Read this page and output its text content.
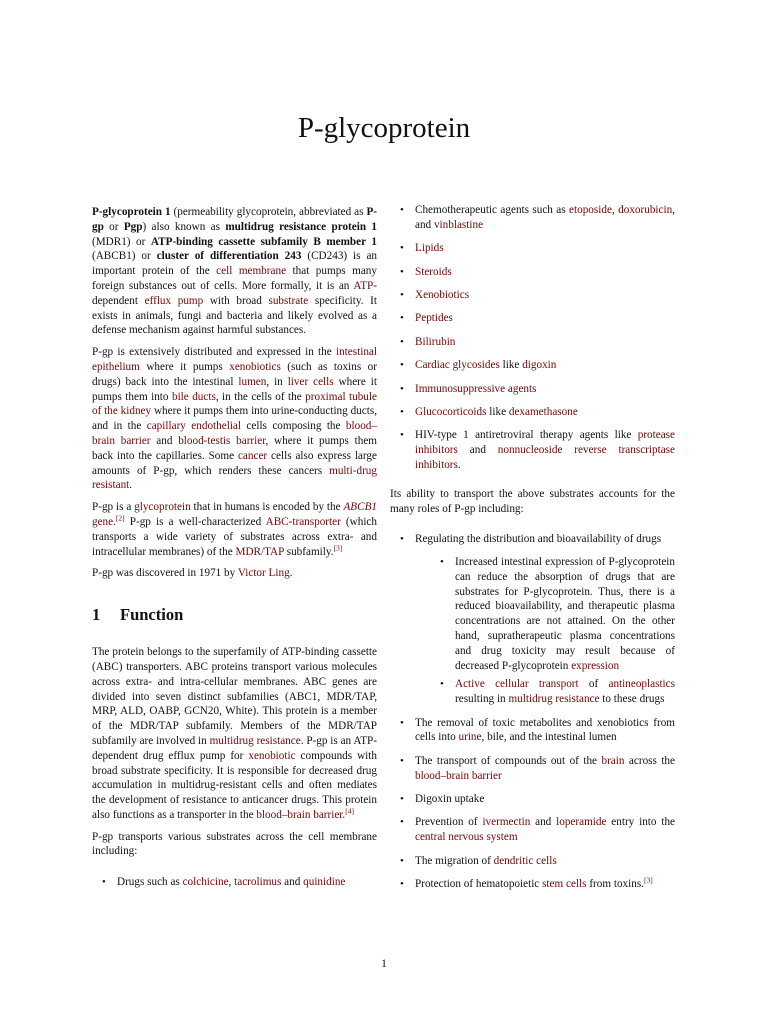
P-glycoprotein

P-glycoprotein 1 (permeability glycoprotein, abbreviated as P-gp or Pgp) also known as multidrug resistance protein 1 (MDR1) or ATP-binding cassette subfamily B member 1 (ABCB1) or cluster of differentiation 243 (CD243) is an important protein of the cell membrane that pumps many foreign substances out of cells. More formally, it is an ATP-dependent efflux pump with broad substrate specificity. It exists in animals, fungi and bacteria and likely evolved as a defense mechanism against harmful substances.

P-gp is extensively distributed and expressed in the intestinal epithelium where it pumps xenobiotics (such as toxins or drugs) back into the intestinal lumen, in liver cells where it pumps them into bile ducts, in the cells of the proximal tubule of the kidney where it pumps them into urine-conducting ducts, and in the capillary endothelial cells composing the blood–brain barrier and blood-testis barrier, where it pumps them back into the capillaries. Some cancer cells also express large amounts of P-gp, which renders these cancers multi-drug resistant.

P-gp is a glycoprotein that in humans is encoded by the ABCB1 gene.[2] P-gp is a well-characterized ABC-transporter (which transports a wide variety of substrates across extra- and intracellular membranes) of the MDR/TAP subfamily.[3]

P-gp was discovered in 1971 by Victor Ling.

1 Function

The protein belongs to the superfamily of ATP-binding cassette (ABC) transporters. ABC proteins transport various molecules across extra- and intra-cellular membranes. ABC genes are divided into seven distinct subfamilies (ABC1, MDR/TAP, MRP, ALD, OABP, GCN20, White). This protein is a member of the MDR/TAP subfamily. Members of the MDR/TAP subfamily are involved in multidrug resistance. P-gp is an ATP-dependent drug efflux pump for xenobiotic compounds with broad substrate specificity. It is responsible for decreased drug accumulation in multidrug-resistant cells and often mediates the development of resistance to anticancer drugs. This protein also functions as a transporter in the blood–brain barrier.[4]

P-gp transports various substrates across the cell membrane including:

• Drugs such as colchicine, tacrolimus and quinidine
• Chemotherapeutic agents such as etoposide, doxorubicin, and vinblastine
• Lipids
• Steroids
• Xenobiotics
• Peptides
• Bilirubin
• Cardiac glycosides like digoxin
• Immunosuppressive agents
• Glucocorticoids like dexamethasone
• HIV-type 1 antiretroviral therapy agents like protease inhibitors and nonnucleoside reverse transcriptase inhibitors.

Its ability to transport the above substrates accounts for the many roles of P-gp including:

• Regulating the distribution and bioavailability of drugs
• Increased intestinal expression of P-glycoprotein can reduce the absorption of drugs that are substrates for P-glycoprotein. Thus, there is a reduced bioavailability, and therapeutic plasma concentrations are not attained. On the other hand, supratherapeutic plasma concentrations and drug toxicity may result because of decreased P-glycoprotein expression
• Active cellular transport of antineoplastics resulting in multidrug resistance to these drugs
• The removal of toxic metabolites and xenobiotics from cells into urine, bile, and the intestinal lumen
• The transport of compounds out of the brain across the blood–brain barrier
• Digoxin uptake
• Prevention of ivermectin and loperamide entry into the central nervous system
• The migration of dendritic cells
• Protection of hematopoietic stem cells from toxins.[3]
1
